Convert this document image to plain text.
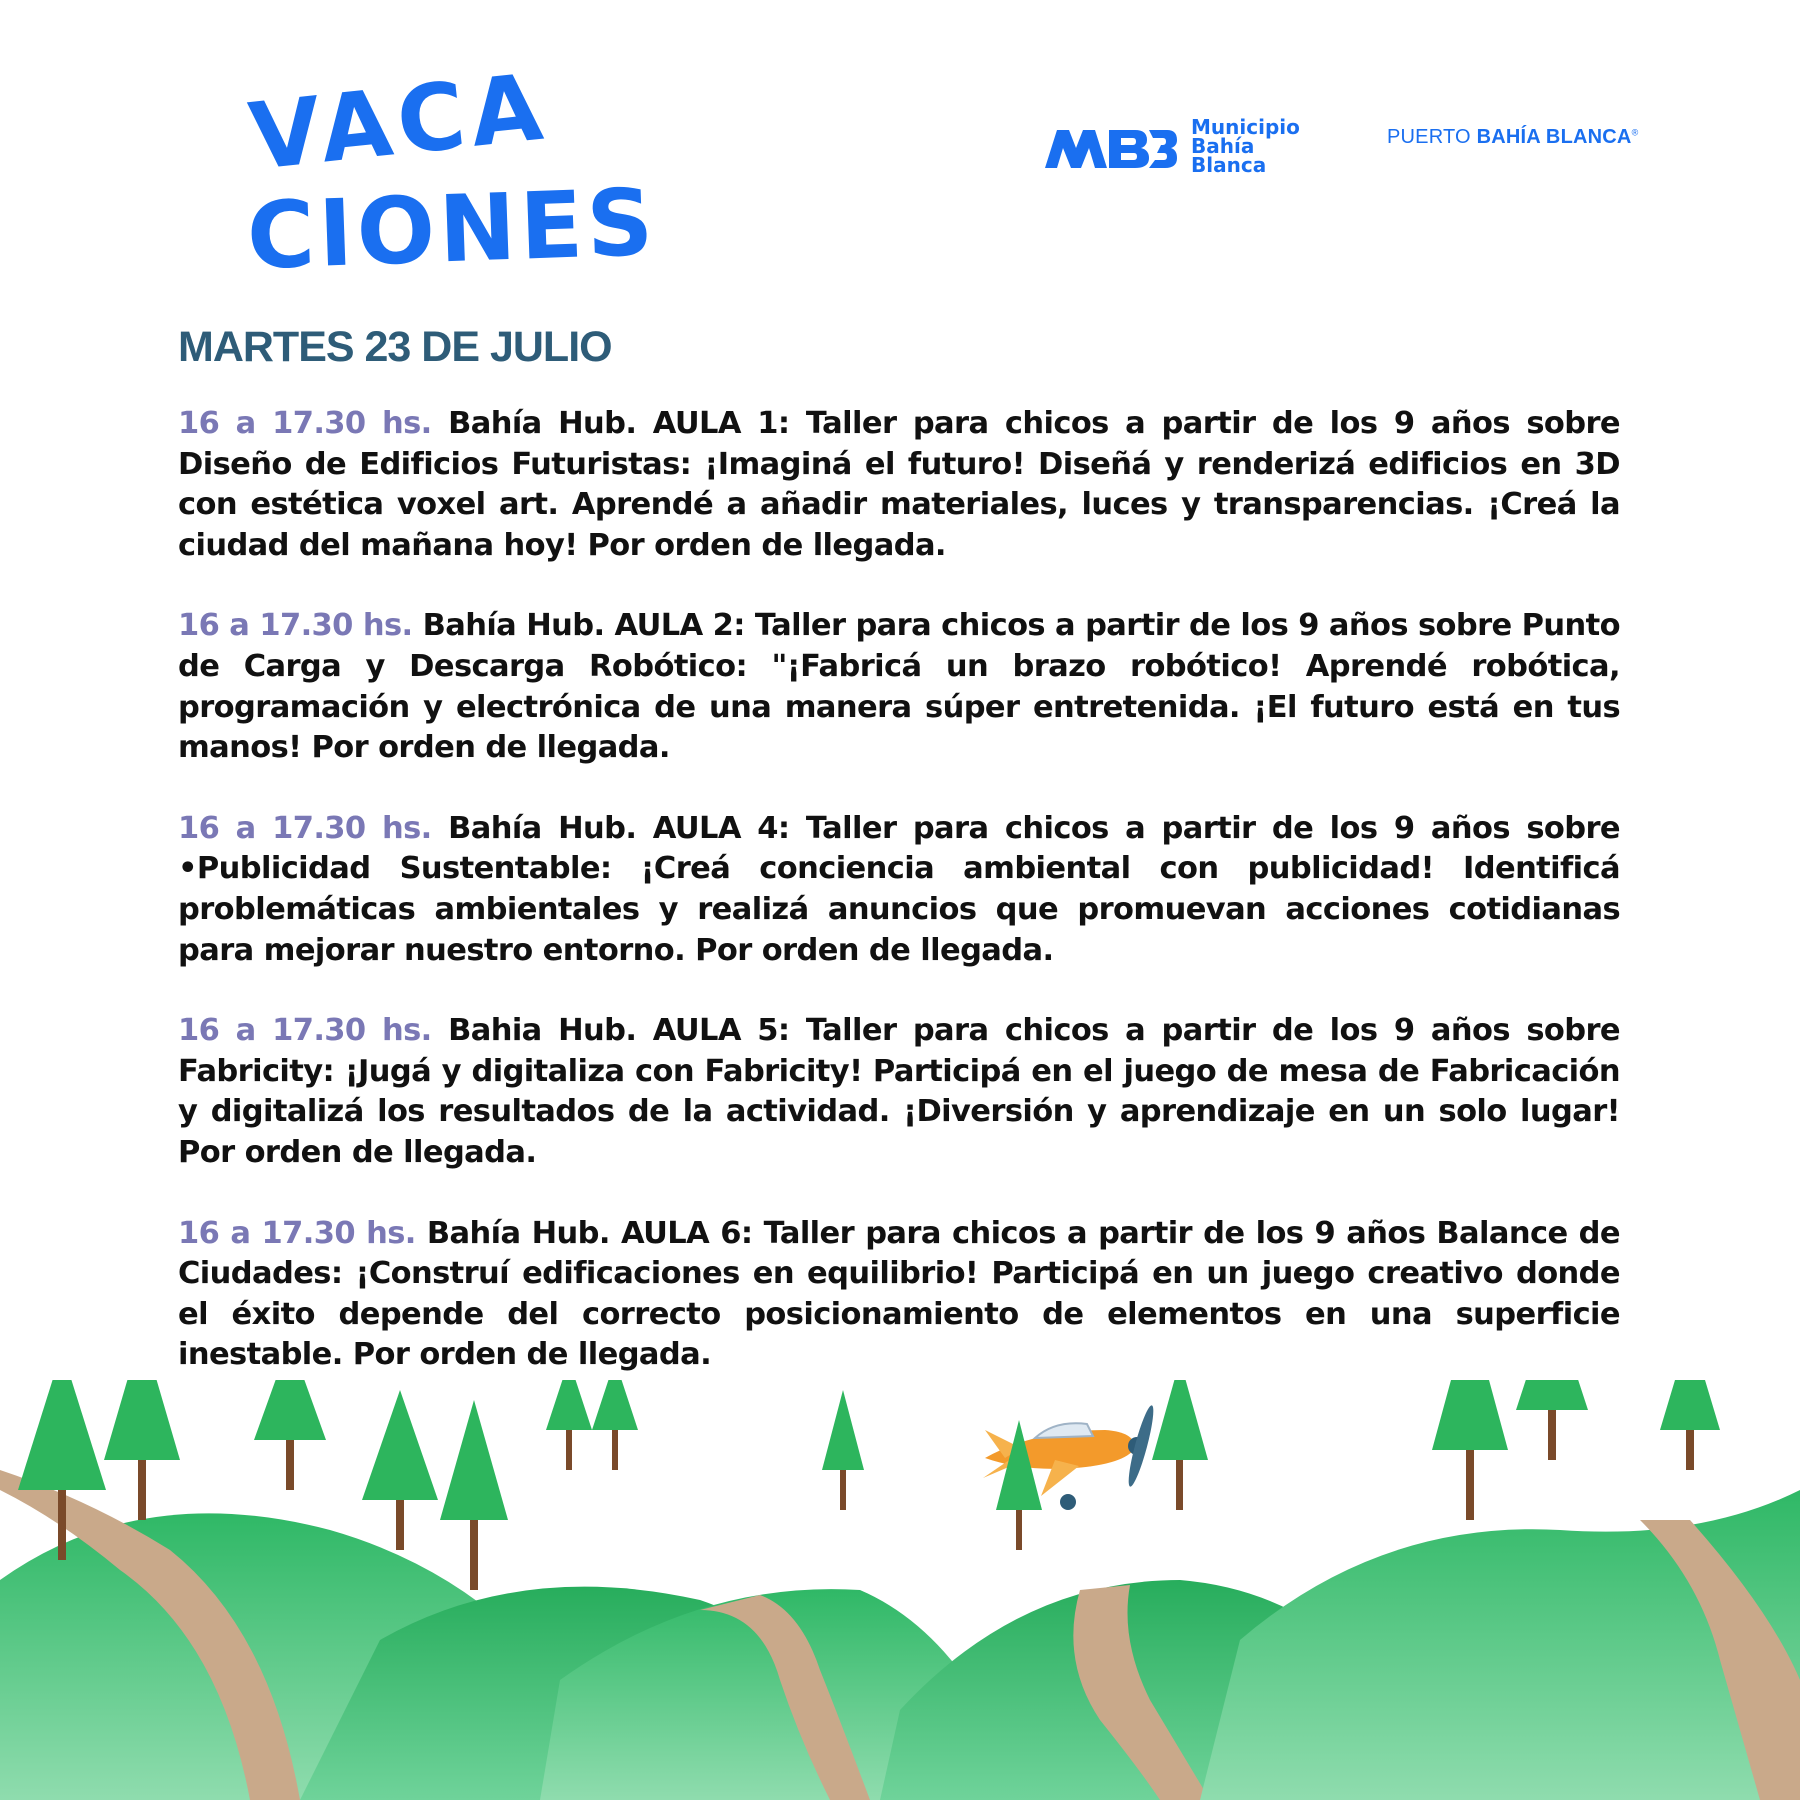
VACA
CIONES
Municipio
Bahía
Blanca
PUERTO BAHÍA BLANCA®
MARTES 23 DE JULIO

16 a 17.30 hs. Bahía Hub. AULA 1: Taller para chicos a partir de los 9 años sobre Diseño de Edificios Futuristas: ¡Imaginá el futuro! Diseñá y renderizá edificios en 3D con estética voxel art. Aprendé a añadir materiales, luces y transparencias. ¡Creá la ciudad del mañana hoy! Por orden de llegada.

16 a 17.30 hs. Bahía Hub. AULA 2: Taller para chicos a partir de los 9 años sobre Punto de Carga y Descarga Robótico: "¡Fabricá un brazo robótico! Aprendé robótica, programación y electrónica de una manera súper entretenida. ¡El futuro está en tus manos! Por orden de llegada.

16 a 17.30 hs. Bahía Hub. AULA 4: Taller para chicos a partir de los 9 años sobre •Publicidad Sustentable: ¡Creá conciencia ambiental con publicidad! Identificá problemáticas ambientales y realizá anuncios que promuevan acciones cotidianas para mejorar nuestro entorno. Por orden de llegada.

16 a 17.30 hs. Bahia Hub. AULA 5: Taller para chicos a partir de los 9 años sobre Fabricity: ¡Jugá y digitaliza con Fabricity! Participá en el juego de mesa de Fabricación y digitalizá los resultados de la actividad. ¡Diversión y aprendizaje en un solo lugar! Por orden de llegada.

16 a 17.30 hs. Bahía Hub. AULA 6: Taller para chicos a partir de los 9 años Balance de Ciudades: ¡Construí edificaciones en equilibrio! Participá en un juego creativo donde el éxito depende del correcto posicionamiento de elementos en una superficie inestable. Por orden de llegada.
